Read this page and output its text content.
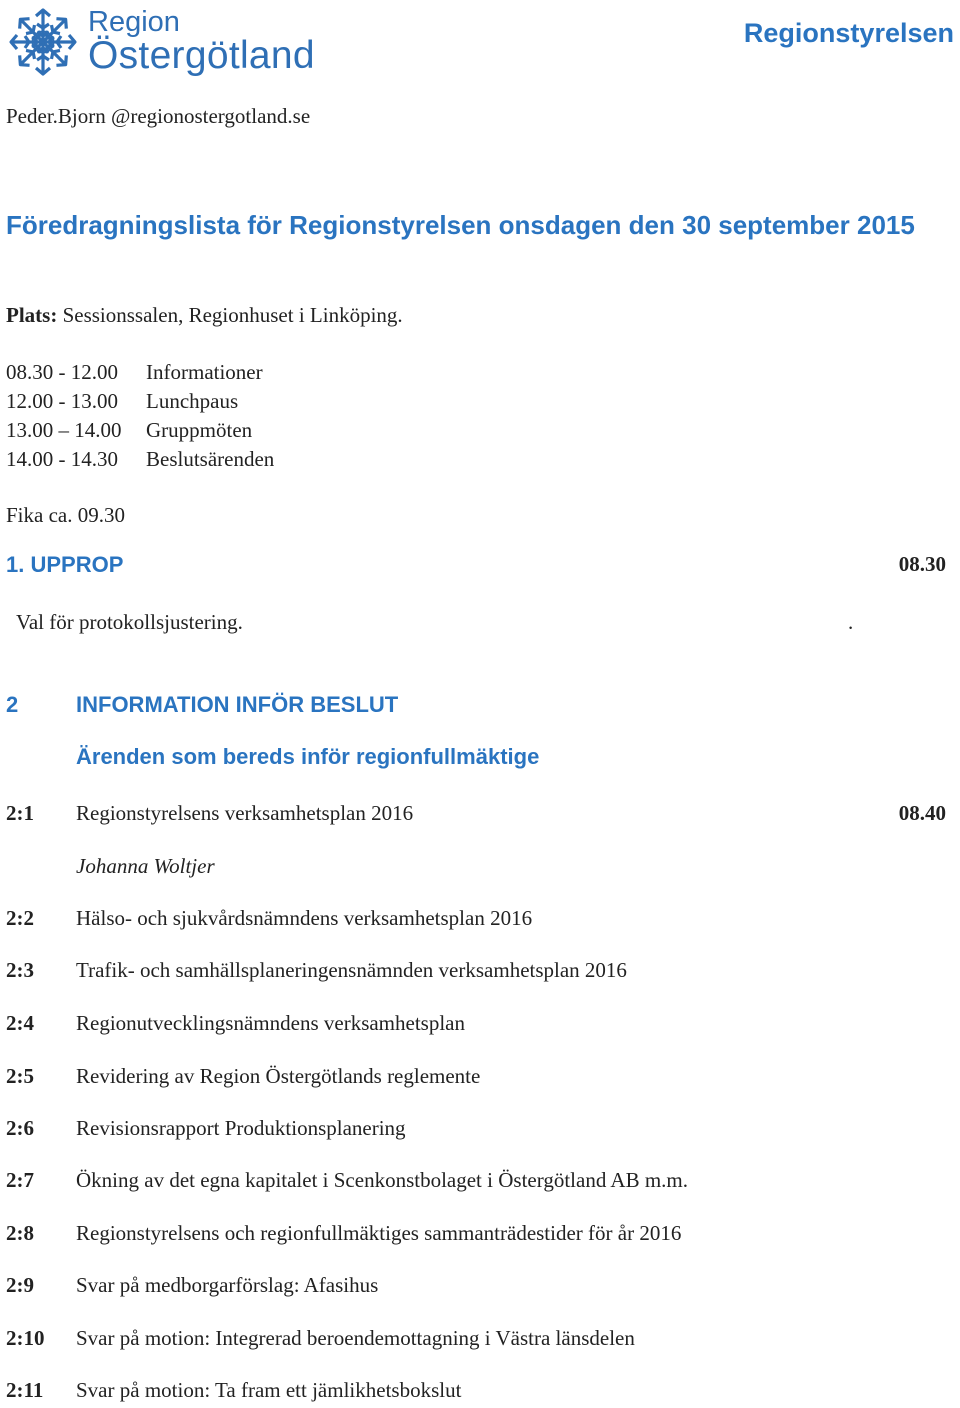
Region
Östergötland
Regionstyrelsen
Peder.Bjorn @regionostergotland.se
Föredragningslista för Regionstyrelsen onsdagen den 30 september 2015
Plats: Sessionssalen, Regionhuset i Linköping.
08.30 - 12.00 Informationer
12.00 - 13.00 Lunchpaus
13.00 – 14.00 Gruppmöten
14.00 - 14.30 Beslutsärenden
Fika ca. 09.30
1. UPPROP	08.30
Val för protokollsjustering.	.
2	INFORMATION INFÖR BESLUT
Ärenden som bereds inför regionfullmäktige
2:1 Regionstyrelsens verksamhetsplan 2016	08.40
Johanna Woltjer
2:2 Hälso- och sjukvårdsnämndens verksamhetsplan 2016
2:3 Trafik- och samhällsplaneringensnämnden verksamhetsplan 2016
2:4 Regionutvecklingsnämndens verksamhetsplan
2:5 Revidering av Region Östergötlands reglemente
2:6 Revisionsrapport Produktionsplanering
2:7 Ökning av det egna kapitalet i Scenkonstbolaget i Östergötland AB m.m.
2:8 Regionstyrelsens och regionfullmäktiges sammanträdestider för år 2016
2:9 Svar på medborgarförslag: Afasihus
2:10 Svar på motion: Integrerad beroendemottagning i Västra länsdelen
2:11 Svar på motion: Ta fram ett jämlikhetsbokslut
